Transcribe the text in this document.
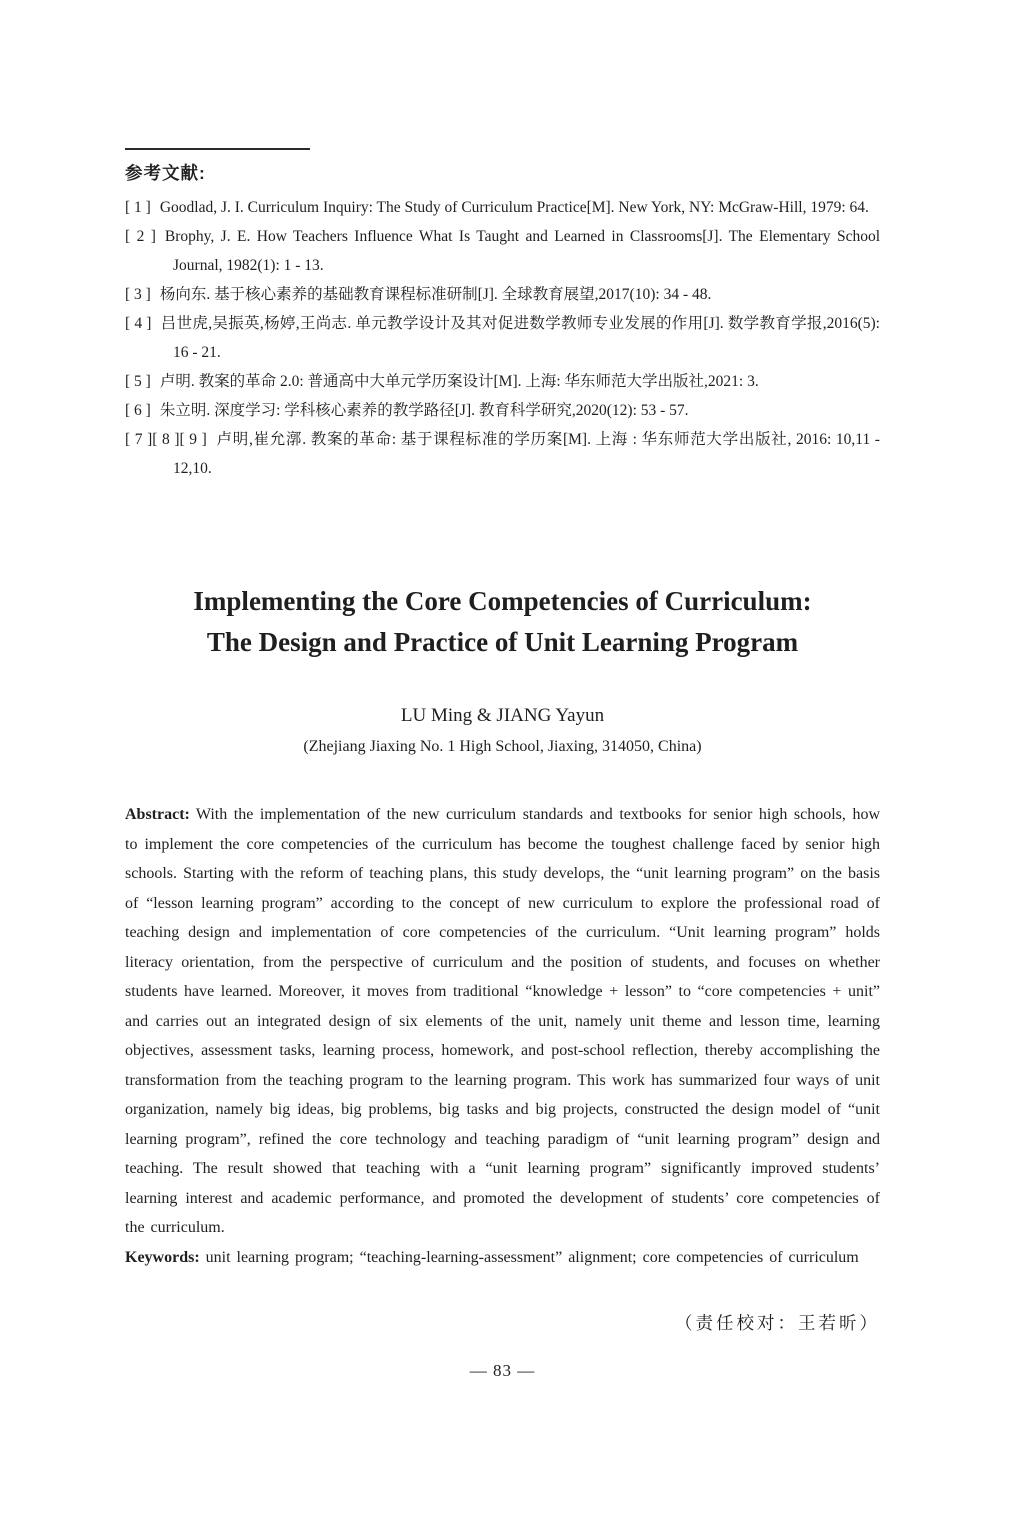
参考文献:
[ 1 ] Goodlad, J. I. Curriculum Inquiry: The Study of Curriculum Practice[M]. New York, NY: McGraw-Hill, 1979: 64.
[ 2 ] Brophy, J. E. How Teachers Influence What Is Taught and Learned in Classrooms[J]. The Elementary School Journal, 1982(1): 1 - 13.
[ 3 ] 杨向东. 基于核心素养的基础教育课程标准研制[J]. 全球教育展望,2017(10): 34 - 48.
[ 4 ] 吕世虎,吴振英,杨婷,王尚志. 单元教学设计及其对促进数学教师专业发展的作用[J]. 数学教育学报,2016(5): 16 - 21.
[ 5 ] 卢明. 教案的革命 2.0: 普通高中大单元学历案设计[M]. 上海: 华东师范大学出版社,2021: 3.
[ 6 ] 朱立明. 深度学习: 学科核心素养的教学路径[J]. 教育科学研究,2020(12): 53 - 57.
[ 7 ][ 8 ][ 9 ] 卢明,崔允漷. 教案的革命: 基于课程标准的学历案[M]. 上海 : 华东师范大学出版社, 2016: 10,11 - 12,10.
Implementing the Core Competencies of Curriculum:
The Design and Practice of Unit Learning Program
LU Ming & JIANG Yayun
(Zhejiang Jiaxing No. 1 High School, Jiaxing, 314050, China)

Abstract: With the implementation of the new curriculum standards and textbooks for senior high schools, how to implement the core competencies of the curriculum has become the toughest challenge faced by senior high schools. Starting with the reform of teaching plans, this study develops, the “unit learning program” on the basis of “lesson learning program” according to the concept of new curriculum to explore the professional road of teaching design and implementation of core competencies of the curriculum. “Unit learning program” holds literacy orientation, from the perspective of curriculum and the position of students, and focuses on whether students have learned. Moreover, it moves from traditional “knowledge + lesson” to “core competencies + unit” and carries out an integrated design of six elements of the unit, namely unit theme and lesson time, learning objectives, assessment tasks, learning process, homework, and post-school reflection, thereby accomplishing the transformation from the teaching program to the learning program. This work has summarized four ways of unit organization, namely big ideas, big problems, big tasks and big projects, constructed the design model of “unit learning program”, refined the core technology and teaching paradigm of “unit learning program” design and teaching. The result showed that teaching with a “unit learning program” significantly improved students’ learning interest and academic performance, and promoted the development of students’ core competencies of the curriculum.

Keywords: unit learning program; “teaching-learning-assessment” alignment; core competencies of curriculum

（责任校对：王若昕）
— 83 —
